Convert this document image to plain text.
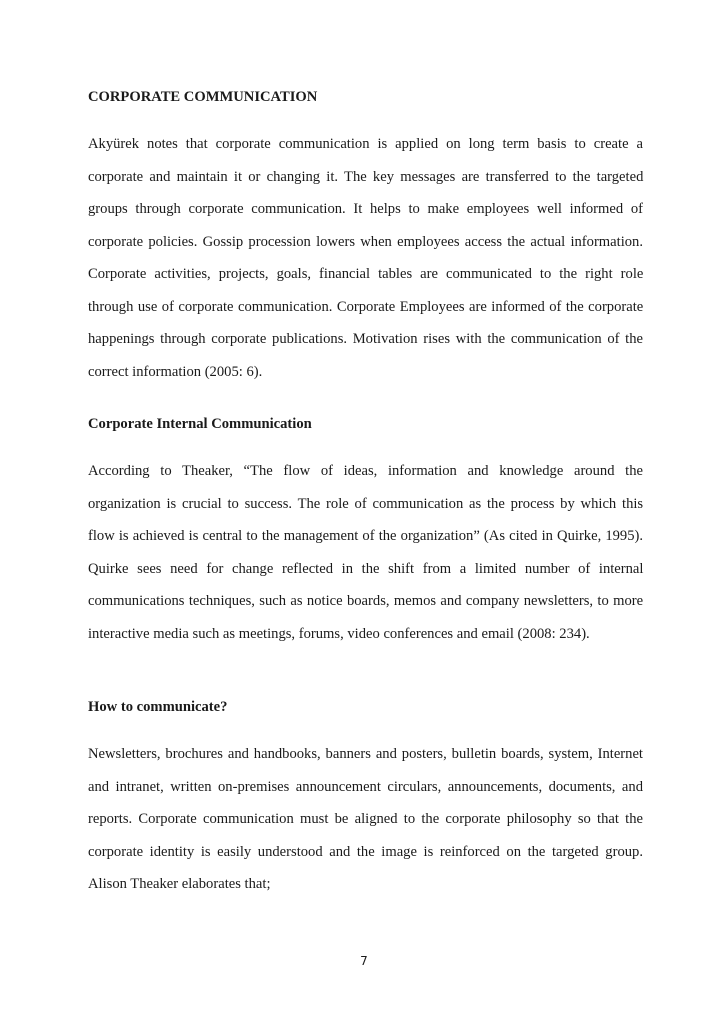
CORPORATE COMMUNICATION
Akyürek notes that corporate communication is applied on long term basis to create a
corporate and maintain it or changing it. The key messages are transferred to the targeted
groups through corporate communication. It helps to make employees well informed of
corporate policies. Gossip procession lowers when employees access the actual information.
Corporate activities, projects, goals, financial tables are communicated to the right role
through use of corporate communication. Corporate Employees are informed of the corporate
happenings through corporate publications. Motivation rises with the communication of the
correct information (2005: 6).
Corporate Internal Communication
According to Theaker, “The flow of ideas, information and knowledge around the
organization is crucial to success. The role of communication as the process by which this
flow is achieved is central to the management of the organization” (As cited in Quirke, 1995).
Quirke sees need for change reflected in the shift from a limited number of internal
communications techniques, such as notice boards, memos and company newsletters, to more
interactive media such as meetings, forums, video conferences and email (2008: 234).
How to communicate?
Newsletters, brochures and handbooks, banners and posters, bulletin boards, system, Internet
and intranet, written on-premises announcement circulars, announcements, documents, and
reports. Corporate communication must be aligned to the corporate philosophy so that the
corporate identity is easily understood and the image is reinforced on the targeted group.
Alison Theaker elaborates that;
7
